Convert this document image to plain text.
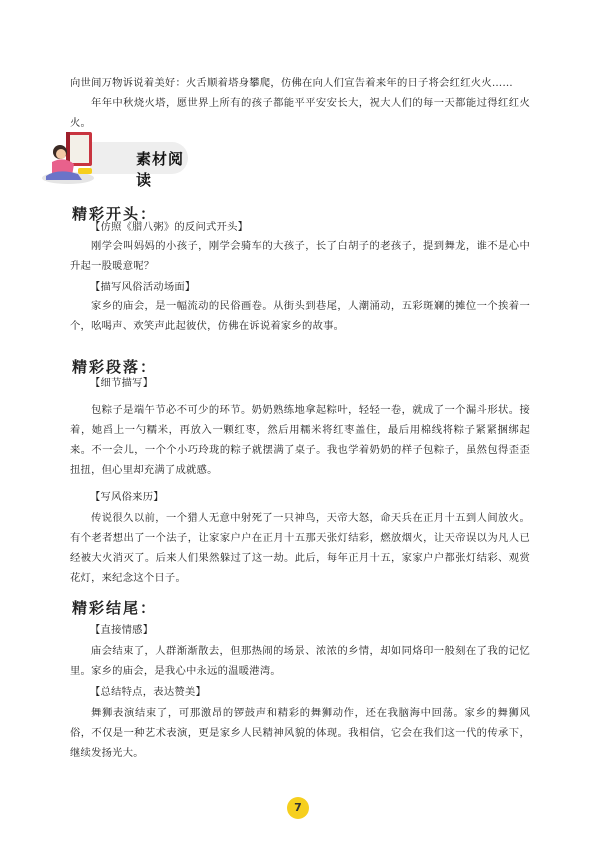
向世间万物诉说着美好：火舌顺着塔身攀爬，仿佛在向人们宣告着来年的日子将会红红火火……

年年中秋烧火塔，愿世界上所有的孩子都能平平安安长大，祝大人们的每一天都能过得红红火火。

素材阅读
精彩开头：
【仿照《腊八粥》的反问式开头】

刚学会叫妈妈的小孩子，刚学会骑车的大孩子，长了白胡子的老孩子，提到舞龙，谁不是心中升起一股暖意呢？

【描写风俗活动场面】

家乡的庙会，是一幅流动的民俗画卷。从街头到巷尾，人潮涌动，五彩斑斓的摊位一个挨着一个，吆喝声、欢笑声此起彼伏，仿佛在诉说着家乡的故事。

精彩段落：
【细节描写】

包粽子是端午节必不可少的环节。奶奶熟练地拿起粽叶，轻轻一卷，就成了一个漏斗形状。接着，她舀上一勺糯米，再放入一颗红枣，然后用糯米将红枣盖住，最后用棉线将粽子紧紧捆绑起来。不一会儿，一个个小巧玲珑的粽子就摆满了桌子。我也学着奶奶的样子包粽子，虽然包得歪歪扭扭，但心里却充满了成就感。

【写风俗来历】

传说很久以前，一个猎人无意中射死了一只神鸟，天帝大怒，命天兵在正月十五到人间放火。有个老者想出了一个法子，让家家户户在正月十五那天张灯结彩，燃放烟火，让天帝误以为凡人已经被大火消灭了。后来人们果然躲过了这一劫。此后，每年正月十五，家家户户都张灯结彩、观赏花灯，来纪念这个日子。

精彩结尾：
【直接情感】

庙会结束了，人群渐渐散去，但那热闹的场景、浓浓的乡情，却如同烙印一般刻在了我的记忆里。家乡的庙会，是我心中永远的温暖港湾。

【总结特点，表达赞美】

舞狮表演结束了，可那激昂的锣鼓声和精彩的舞狮动作，还在我脑海中回荡。家乡的舞狮风俗，不仅是一种艺术表演，更是家乡人民精神风貌的体现。我相信，它会在我们这一代的传承下，继续发扬光大。

7
